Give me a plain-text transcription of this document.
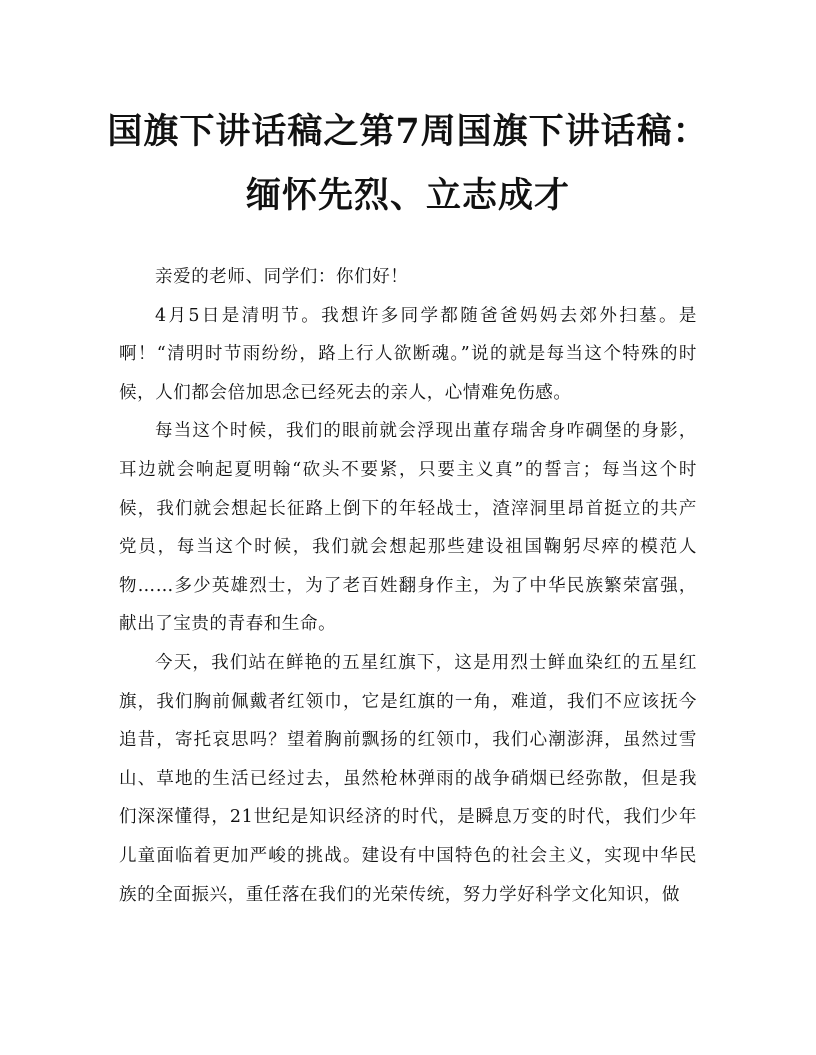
国旗下讲话稿之第7周国旗下讲话稿：
缅怀先烈、立志成才

亲爱的老师、同学们：你们好！

4月5日是清明节。我想许多同学都随爸爸妈妈去郊外扫墓。是啊！“清明时节雨纷纷，路上行人欲断魂。”说的就是每当这个特殊的时候，人们都会倍加思念已经死去的亲人，心情难免伤感。

每当这个时候，我们的眼前就会浮现出董存瑞舍身咋碉堡的身影，耳边就会响起夏明翰“砍头不要紧，只要主义真”的誓言；每当这个时候，我们就会想起长征路上倒下的年轻战士，渣滓洞里昂首挺立的共产党员，每当这个时候，我们就会想起那些建设祖国鞠躬尽瘁的模范人物……多少英雄烈士，为了老百姓翻身作主，为了中华民族繁荣富强，献出了宝贵的青春和生命。

今天，我们站在鲜艳的五星红旗下，这是用烈士鲜血染红的五星红旗，我们胸前佩戴者红领巾，它是红旗的一角，难道，我们不应该抚今追昔，寄托哀思吗？望着胸前飘扬的红领巾，我们心潮澎湃，虽然过雪山、草地的生活已经过去，虽然枪林弹雨的战争硝烟已经弥散，但是我们深深懂得，21世纪是知识经济的时代，是瞬息万变的时代，我们少年儿童面临着更加严峻的挑战。建设有中国特色的社会主义，实现中华民族的全面振兴，重任落在我们的光荣传统，努力学好科学文化知识，做
